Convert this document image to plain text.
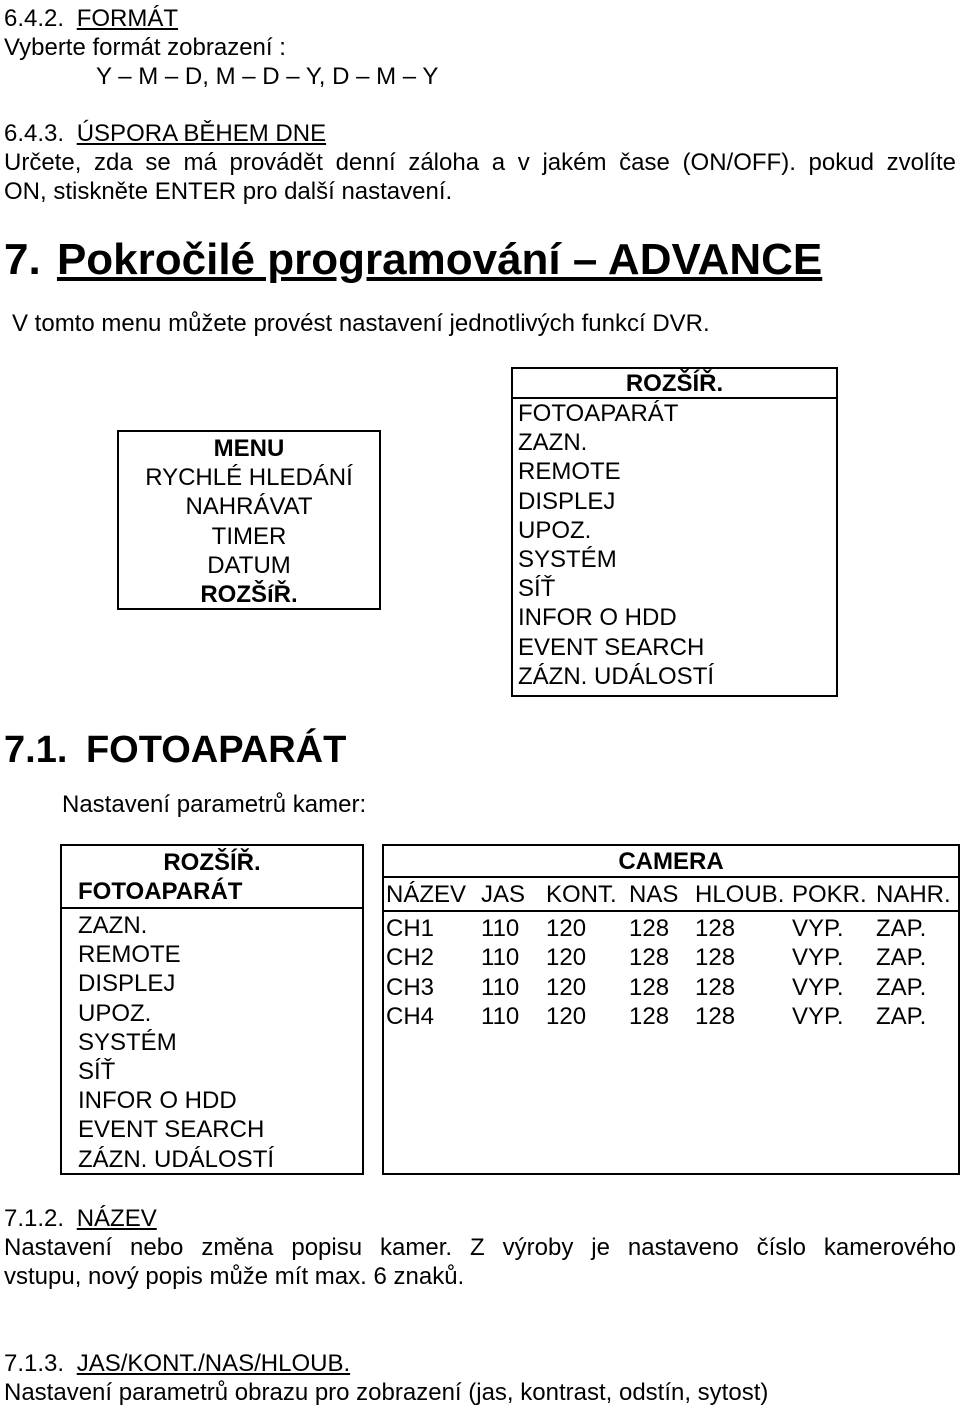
6.4.2. FORMÁT
Vyberte formát zobrazení :
Y – M – D, M – D – Y, D – M – Y
6.4.3. ÚSPORA BĚHEM DNE
Určete, zda se má provádět denní záloha a v jakém čase (ON/OFF). pokud zvolíte
ON, stiskněte ENTER pro další nastavení.
7. Pokročilé programování – ADVANCE
V tomto menu můžete provést nastavení jednotlivých funkcí DVR.
MENU
RYCHLÉ HLEDÁNÍ
NAHRÁVAT
TIMER
DATUM
ROZŠíŘ.
ROZŠÍŘ.
FOTOAPARÁT
ZAZN.
REMOTE
DISPLEJ
UPOZ.
SYSTÉM
SÍŤ
INFOR O HDD
EVENT SEARCH
ZÁZN. UDÁLOSTÍ
7.1. FOTOAPARÁT
Nastavení parametrů kamer:
ROZŠÍŘ.
FOTOAPARÁT
ZAZN.
REMOTE
DISPLEJ
UPOZ.
SYSTÉM
SÍŤ
INFOR O HDD
EVENT SEARCH
ZÁZN. UDÁLOSTÍ
CAMERA
NÁZEV JAS KONT. NAS HLOUB. POKR. NAHR.
CH1 110 120 128 128 VYP. ZAP.
CH2 110 120 128 128 VYP. ZAP.
CH3 110 120 128 128 VYP. ZAP.
CH4 110 120 128 128 VYP. ZAP.
7.1.2. NÁZEV
Nastavení nebo změna popisu kamer. Z výroby je nastaveno číslo kamerového
vstupu, nový popis může mít max. 6 znaků.
7.1.3. JAS/KONT./NAS/HLOUB.
Nastavení parametrů obrazu pro zobrazení (jas, kontrast, odstín, sytost)
